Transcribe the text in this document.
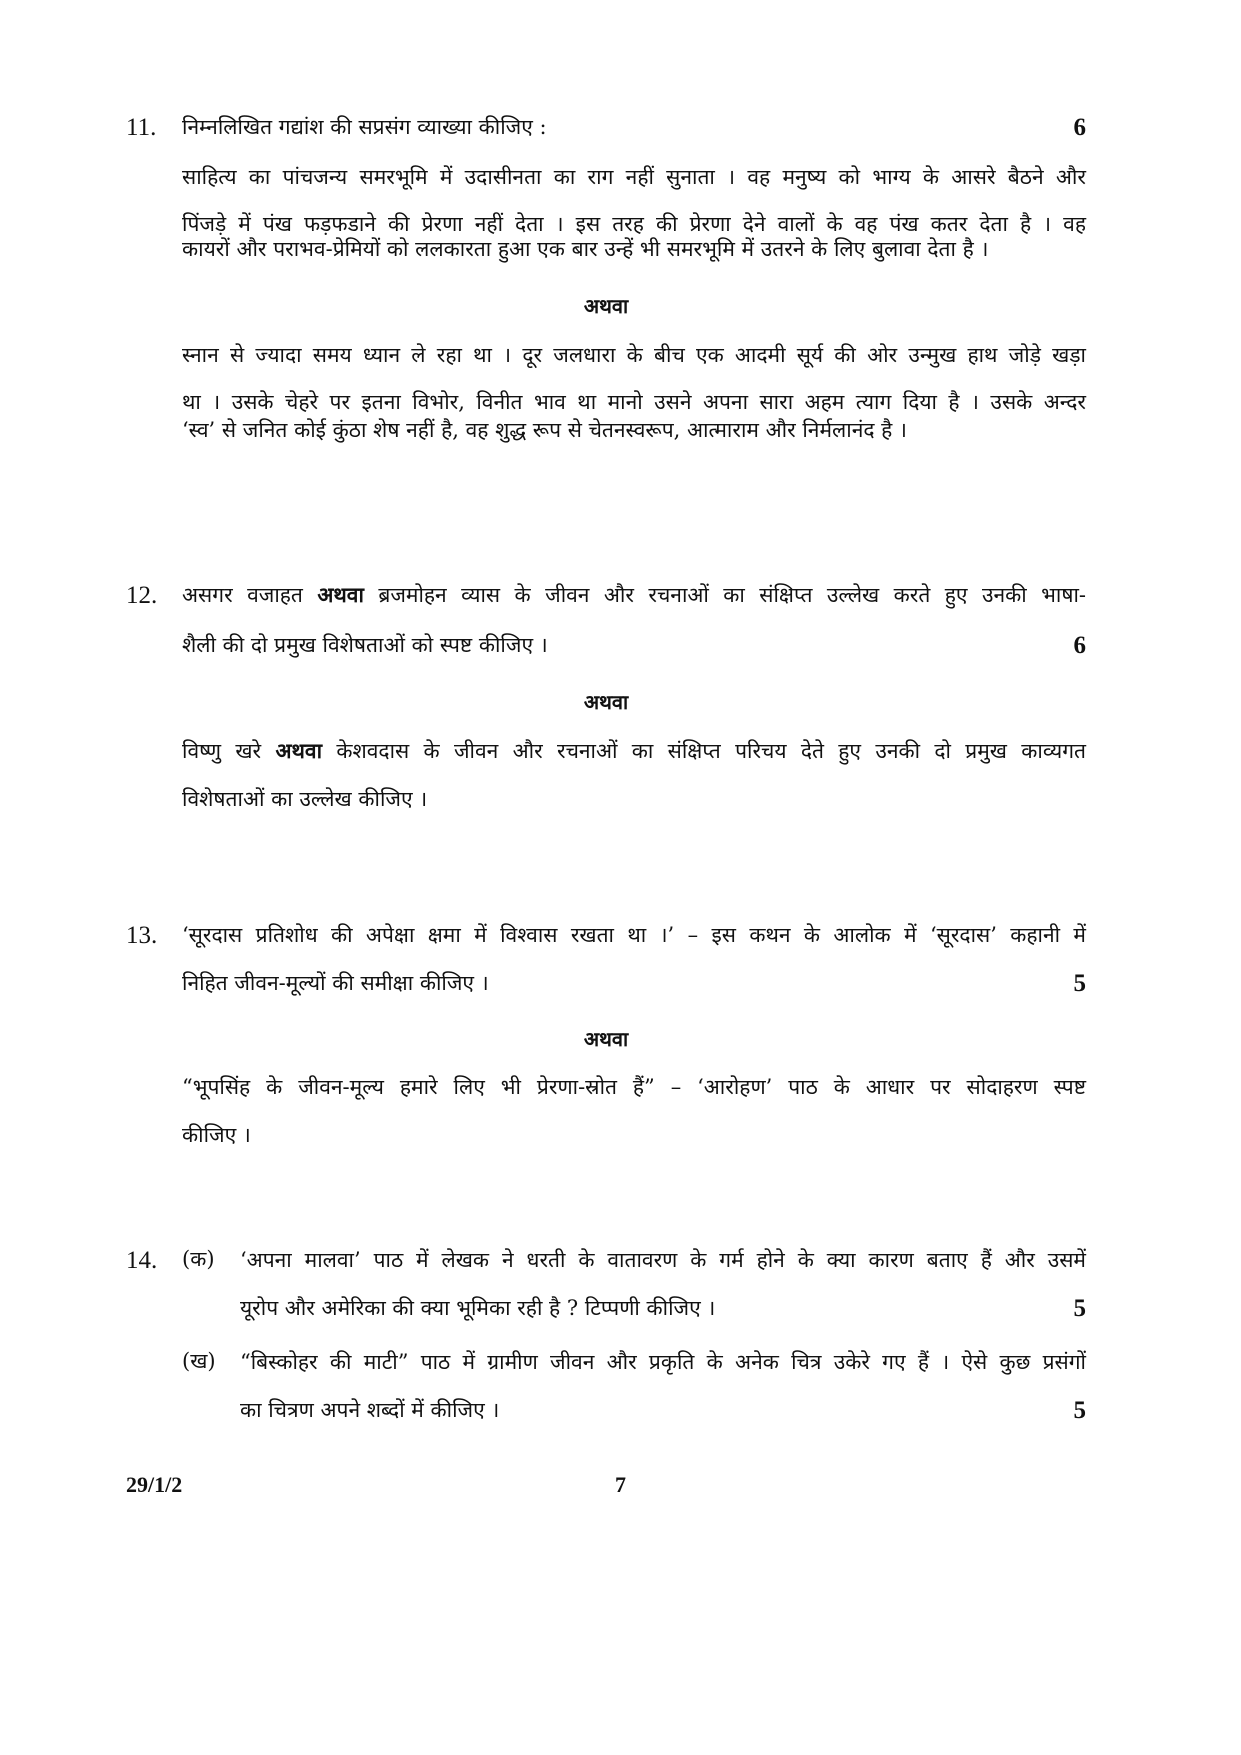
11. निम्नलिखित गद्यांश की सप्रसंग व्याख्या कीजिए :	6
साहित्य का पांचजन्य समरभूमि में उदासीनता का राग नहीं सुनाता । वह मनुष्य को भाग्य के आसरे बैठने और
पिंजड़े में पंख फड़फडाने की प्रेरणा नहीं देता । इस तरह की प्रेरणा देने वालों के वह पंख कतर देता है । वह
कायरों और पराभव-प्रेमियों को ललकारता हुआ एक बार उन्हें भी समरभूमि में उतरने के लिए बुलावा देता है ।
अथवा
स्नान से ज्यादा समय ध्यान ले रहा था । दूर जलधारा के बीच एक आदमी सूर्य की ओर उन्मुख हाथ जोड़े खड़ा
था । उसके चेहरे पर इतना विभोर, विनीत भाव था मानो उसने अपना सारा अहम त्याग दिया है । उसके अन्दर
‘स्व’ से जनित कोई कुंठा शेष नहीं है, वह शुद्ध रूप से चेतनस्वरूप, आत्माराम और निर्मलानंद है ।
12. असगर वजाहत अथवा ब्रजमोहन व्यास के जीवन और रचनाओं का संक्षिप्त उल्लेख करते हुए उनकी भाषा-
शैली की दो प्रमुख विशेषताओं को स्पष्ट कीजिए ।	6
अथवा
विष्णु खरे अथवा केशवदास के जीवन और रचनाओं का संक्षिप्त परिचय देते हुए उनकी दो प्रमुख काव्यगत
विशेषताओं का उल्लेख कीजिए ।
13. ‘सूरदास प्रतिशोध की अपेक्षा क्षमा में विश्वास रखता था ।’ – इस कथन के आलोक में ‘सूरदास’ कहानी में
निहित जीवन-मूल्यों की समीक्षा कीजिए ।	5
अथवा
“भूपसिंह के जीवन-मूल्य हमारे लिए भी प्रेरणा-स्रोत हैं” – ‘आरोहण’ पाठ के आधार पर सोदाहरण स्पष्ट
कीजिए ।
14. (क) ‘अपना मालवा’ पाठ में लेखक ने धरती के वातावरण के गर्म होने के क्या कारण बताए हैं और उसमें
यूरोप और अमेरिका की क्या भूमिका रही है ? टिप्पणी कीजिए ।	5
(ख) “बिस्कोहर की माटी” पाठ में ग्रामीण जीवन और प्रकृति के अनेक चित्र उकेरे गए हैं । ऐसे कुछ प्रसंगों
का चित्रण अपने शब्दों में कीजिए ।	5
29/1/2	7
